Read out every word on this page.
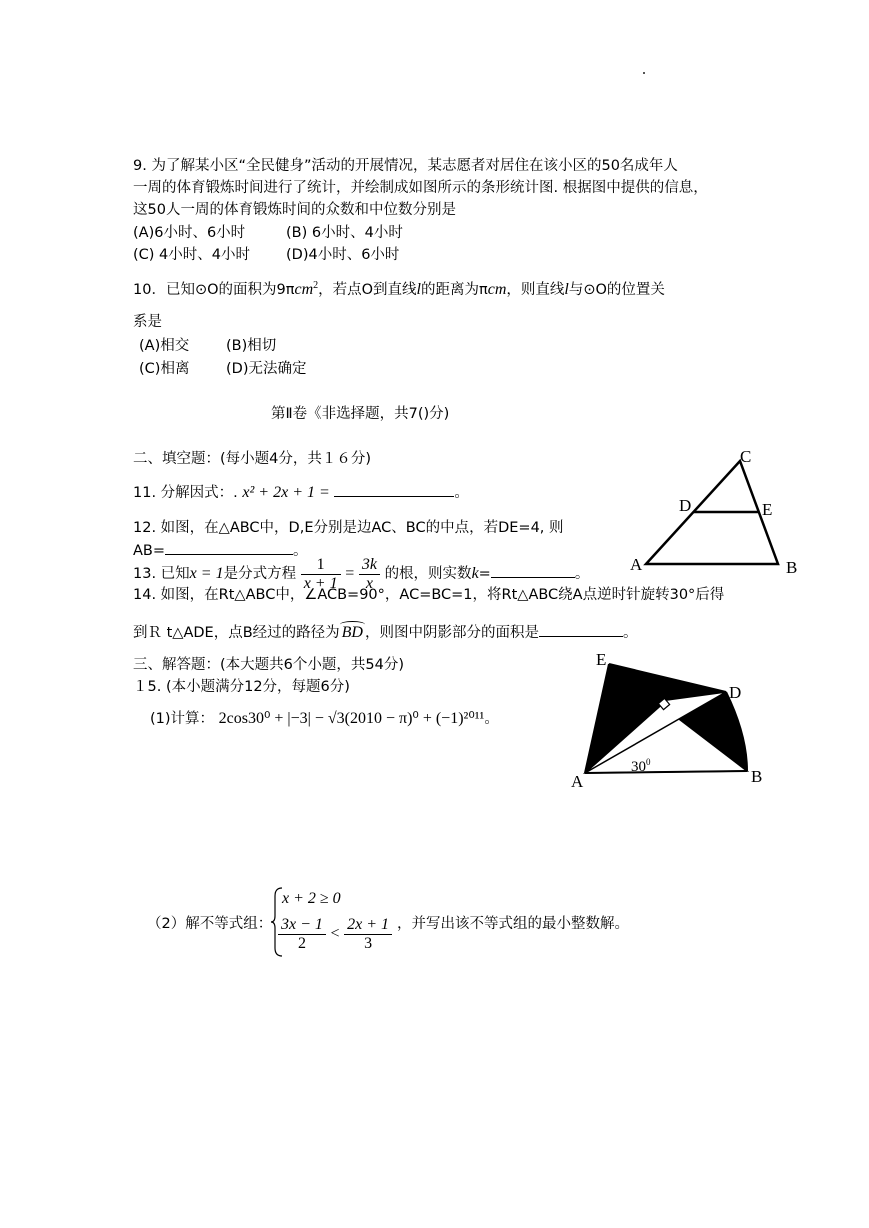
9. 为了解某小区“全民健身”活动的开展情况，某志愿者对居住在该小区的50名成年人
一周的体育锻炼时间进行了统计，并绘制成如图所示的条形统计图. 根据图中提供的信息，
这50人一周的体育锻炼时间的众数和中位数分别是
(A)6小时、6小时	(B) 6小时、4小时
(C) 4小时、4小时 (D)4小时、6小时
10．已知⊙O的面积为9πcm$^2$，若点O到直线l的距离为πcm，则直线l与⊙O的位置关
系是
(A)相交	(B)相切
(C)相离	(D)无法确定
第Ⅱ卷《非选择题，共7()分)
二、填空题：(每小题4分，共１６分)
11. 分解因式：. x² + 2x + 1 =	。
12. 如图，在△ABC中，D,E分别是边AC、BC的中点，若DE=4, 则
AB=	。
13. 已知x = 1是分式方程 $\frac{1}{x + 1} = \frac{3k}{x}$ 的根，则实数k=	。
14. 如图，在Rt△ABC中，∠ACB=90°，AC=BC=1，将Rt△ABC绕A点逆时针旋转30°后得
到Ｒ t△ADE，点B经过的路径为 BD ，则图中阴影部分的面积是	。
三、解答题：(本大题共6个小题，共54分)
１5. (本小题满分12分，每题6分)
(1)计算： 2cos30⁰ + |−3| − √3(2010 − π)⁰ + (−1)²⁰¹¹。
（2）解不等式组：
x + 2 ≥ 0
$\frac{3x - 1}{2} < \frac{2x + 1}{3}$ ，并写出该不等式组的最小整数解。
A	B
C
D	E
A	B
D
E
$30^0$
